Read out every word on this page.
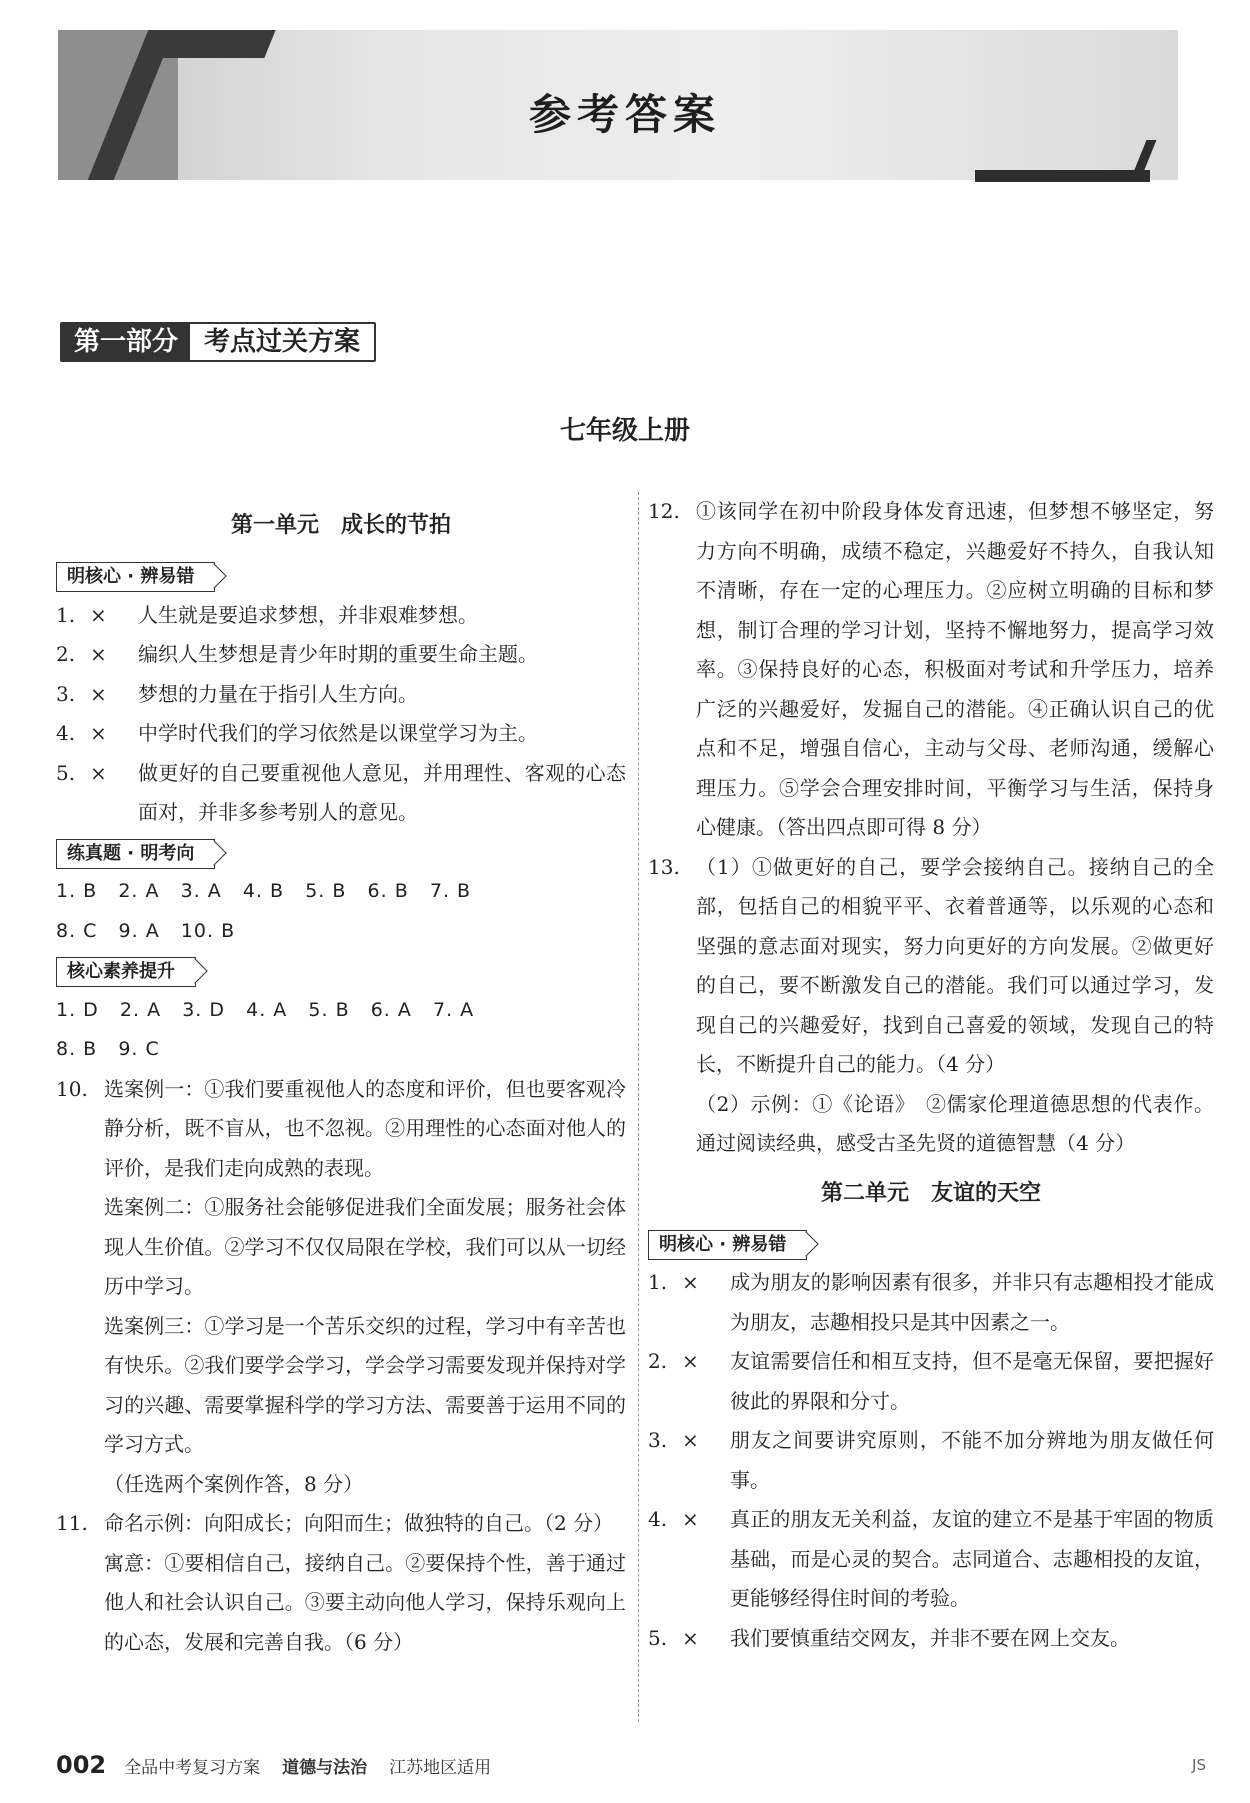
参考答案
第一部分	考点过关方案
七年级上册
第一单元　成长的节拍
明核心 · 辨易错
1. ×	人生就是要追求梦想，并非艰难梦想。
2. ×	编织人生梦想是青少年时期的重要生命主题。
3. ×	梦想的力量在于指引人生方向。
4. ×	中学时代我们的学习依然是以课堂学习为主。
5. ×	做更好的自己要重视他人意见，并用理性、客观的心态面对，并非多参考别人的意见。
练真题 · 明考向
1. B   2. A   3. A   4. B   5. B   6. B   7. B
8. C   9. A   10. B
核心素养提升
1. D   2. A   3. D   4. A   5. B   6. A   7. A
8. B   9. C
10. 选案例一：①我们要重视他人的态度和评价，但也要客观冷静分析，既不盲从，也不忽视。②用理性的心态面对他人的评价，是我们走向成熟的表现。
选案例二：①服务社会能够促进我们全面发展；服务社会体现人生价值。②学习不仅仅局限在学校，我们可以从一切经历中学习。
选案例三：①学习是一个苦乐交织的过程，学习中有辛苦也有快乐。②我们要学会学习，学会学习需要发现并保持对学习的兴趣、需要掌握科学的学习方法、需要善于运用不同的学习方式。
（任选两个案例作答，8 分）
11. 命名示例：向阳成长；向阳而生；做独特的自己。（2 分）
寓意：①要相信自己，接纳自己。②要保持个性，善于通过他人和社会认识自己。③要主动向他人学习，保持乐观向上的心态，发展和完善自我。（6 分）
12. ①该同学在初中阶段身体发育迅速，但梦想不够坚定，努力方向不明确，成绩不稳定，兴趣爱好不持久，自我认知不清晰，存在一定的心理压力。②应树立明确的目标和梦想，制订合理的学习计划，坚持不懈地努力，提高学习效率。③保持良好的心态，积极面对考试和升学压力，培养广泛的兴趣爱好，发掘自己的潜能。④正确认识自己的优点和不足，增强自信心，主动与父母、老师沟通，缓解心理压力。⑤学会合理安排时间，平衡学习与生活，保持身心健康。（答出四点即可得 8 分）
13. （1）①做更好的自己，要学会接纳自己。接纳自己的全部，包括自己的相貌平平、衣着普通等，以乐观的心态和坚强的意志面对现实，努力向更好的方向发展。②做更好的自己，要不断激发自己的潜能。我们可以通过学习，发现自己的兴趣爱好，找到自己喜爱的领域，发现自己的特长，不断提升自己的能力。（4 分）
（2）示例：①《论语》　②儒家伦理道德思想的代表作。通过阅读经典，感受古圣先贤的道德智慧（4 分）
第二单元　友谊的天空
明核心 · 辨易错
1. ×	成为朋友的影响因素有很多，并非只有志趣相投才能成为朋友，志趣相投只是其中因素之一。
2. ×	友谊需要信任和相互支持，但不是毫无保留，要把握好彼此的界限和分寸。
3. ×	朋友之间要讲究原则，不能不加分辨地为朋友做任何事。
4. ×	真正的朋友无关利益，友谊的建立不是基于牢固的物质基础，而是心灵的契合。志同道合、志趣相投的友谊，更能够经得住时间的考验。
5. ×	我们要慎重结交网友，并非不要在网上交友。
002 全品中考复习方案 道德与法治 江苏地区适用	JS
